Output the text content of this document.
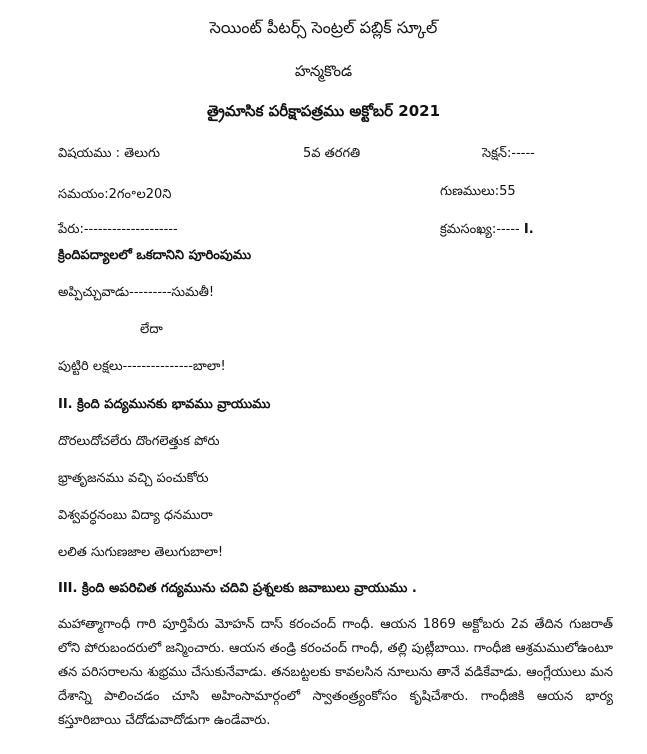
సెయింట్ పీటర్స్ సెంట్రల్ పబ్లిక్ స్కూల్
హన్మకొండ
త్రైమాసిక పరీక్షాపత్రము అక్టోబర్ 2021
విషయము : తెలుగు	5వ తరగతి	సెక్షన్:-----
సమయం:2గం॰ల20ని	గుణములు:55
పేరు:--------------------	క్రమసంఖ్య:----- I.
క్రిందిపద్యాలలో ఒకదానిని పూరింపుము
అప్పిచ్చువాడు---------సుమతీ!
లేదా
పుట్టిరి లక్షలు---------------బాలా!
II. క్రింది పద్యమునకు భావము వ్రాయుము
దొరలుదోచలేరు దొంగలెత్తుక పోరు
భ్రాతృజనము వచ్చి పంచుకోరు
విశ్వవర్ధనంబు విద్యా ధనమురా
లలిత సుగుణజాల తెలుగుబాలా!
III. క్రింది అపరిచిత గద్యమును చదివి ప్రశ్నలకు జవాబులు వ్రాయుము .
మహాత్మాగాంధీ గారి పూర్తిపేరు మోహన్ దాస్ కరంచంద్ గాంధీ. ఆయన 1869 అక్టోబరు 2వ తేదిన గుజరాత్ లోని పోరుబందరులో జన్మించారు. ఆయన తండ్రి కరంచంద్ గాంధీ, తల్లి పుట్లీబాయి. గాంధీజి ఆశ్రమములోఉంటూ తన పరిసరాలను శుభ్రము చేసుకునేవాడు. తనబట్టలకు కావలసిన నూలును తానే వడికేవాడు. ఆంగ్లేయులు మన దేశాన్ని పాలించడం చూసి అహింసామార్గంలో స్వాతంత్ర్యంకోసం కృషిచేశారు. గాంధీజికి ఆయన భార్య కస్తూరిబాయి చేదోడువాదోడుగా ఉండేవారు.
